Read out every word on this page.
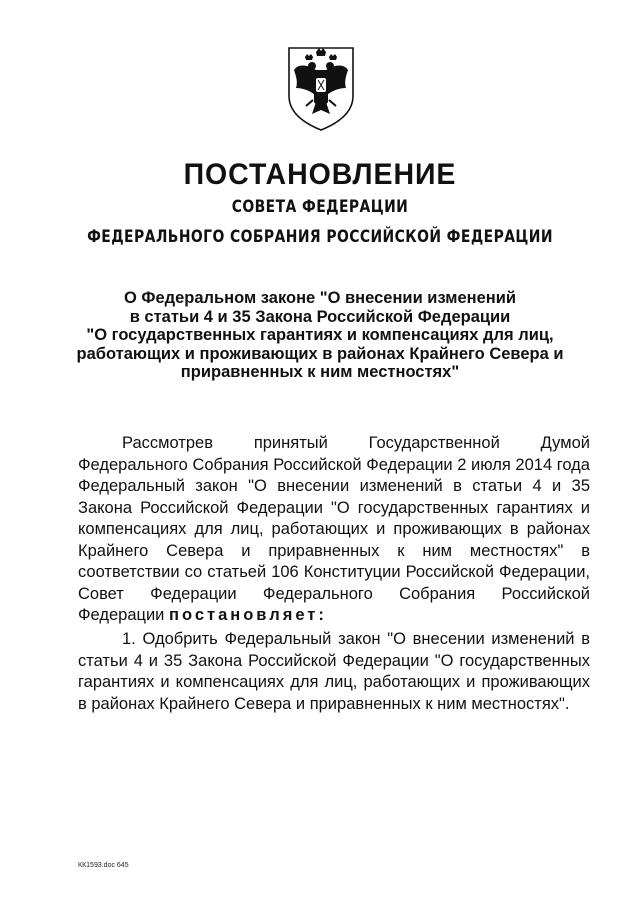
ПОСТАНОВЛЕНИЕ
СОВЕТА ФЕДЕРАЦИИ
ФЕДЕРАЛЬНОГО СОБРАНИЯ РОССИЙСКОЙ ФЕДЕРАЦИИ
О Федеральном законе "О внесении изменений
в статьи 4 и 35 Закона Российской Федерации
"О государственных гарантиях и компенсациях для лиц,
работающих и проживающих в районах Крайнего Севера и
приравненных к ним местностях"
Рассмотрев принятый Государственной Думой Федерального Собрания Российской Федерации 2 июля 2014 года Федеральный закон "О внесении изменений в статьи 4 и 35 Закона Российской Федерации "О государственных гарантиях и компенсациях для лиц, работающих и проживающих в районах Крайнего Севера и приравненных к ним местностях" в соответствии со статьей 106 Конституции Российской Федерации, Совет Федерации Федерального Собрания Российской Федерации постановляет:
1. Одобрить Федеральный закон "О внесении изменений в статьи 4 и 35 Закона Российской Федерации "О государственных гарантиях и компенсациях для лиц, работающих и проживающих в районах Крайнего Севера и приравненных к ним местностях".
КК1593.doc 645
